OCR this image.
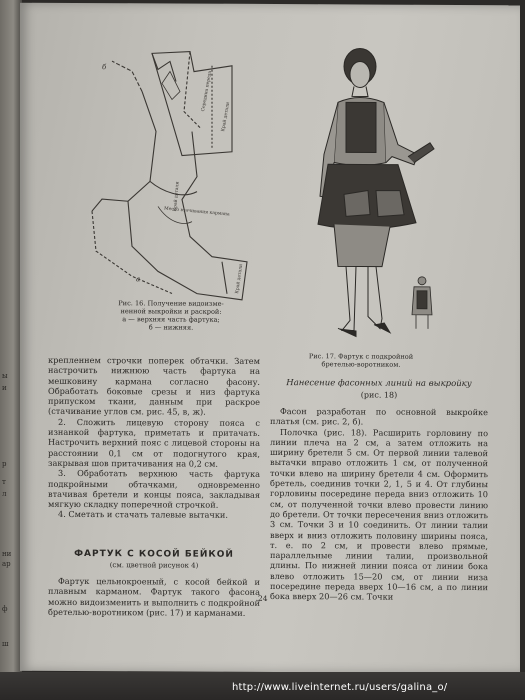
ы
и
р
т
л
ни
ар
ф
ш
б
а
Середина переда
Край детали
Край детали
Место втачивания кармана
Край детали
Рис. 16. Получение видоизме-
ненной выкройки и раскрой:
а — верхняя часть фартука;
б — нижняя.
Рис. 17. Фартук с подкройной
бретелью-воротником.

крепленнем строчки поперек обтачки. Затем настрочить нижнюю часть фартука на мешковину кармана согласно фасону. Обработать боковые срезы и низ фартука припуском ткани, данным при раскрое (стачивание углов см. рис. 45, в, ж).

2. Сложить лицевую сторону пояса с изнанкой фартука, приметать и притачать. Настрочить верхний пояс с лицевой стороны на расстоянии 0,1 см от подогнутого края, закрывая шов притачивания на 0,2 см.

3. Обработать верхнюю часть фартука подкройными обтачками, одновременно втачивая бретели и концы пояса, закладывая мягкую складку поперечной строчкой.

4. Сметать и стачать талевые вытачки.

ФАРТУК С КОСОЙ БЕЙКОЙ
(см. цветной рисунок 4)

Фартук цельнокроеный, с косой бейкой и плавным карманом. Фартук такого фасона можно видоизменить и выполнить с подкройной бретелью-воротником (рис. 17) и карманами.

Нанесение фасонных линий на выкройку
(рис. 18)

Фасон разработан по основной выкройке платья (см. рис. 2, б).

Полочка (рис. 18). Расширить горловину по линии плеча на 2 см, а затем отложить на ширину бретели 5 см. От первой линии талевой вытачки вправо отложить 1 см, от полученной точки влево на ширину бретели 4 см. Оформить бретель, соединив точки 2, 1, 5 и 4. От глубины горловины посередине переда вниз отложить 10 см, от полученной точки влево провести линию до бретели. От точки пересечения вниз отложить 3 см. Точки 3 и 10 соединить. От линии талии вверх и вниз отложить половину ширины пояса, т. е. по 2 см, и провести влево прямые, параллельные линии талии, произвольной длины. По нижней линии пояса от линии бока влево отложить 15—20 см, от линии низа посередине переда вверх 10—16 см, а по линии бока вверх 20—26 см. Точки

24
http://www.liveinternet.ru/users/galina_o/
